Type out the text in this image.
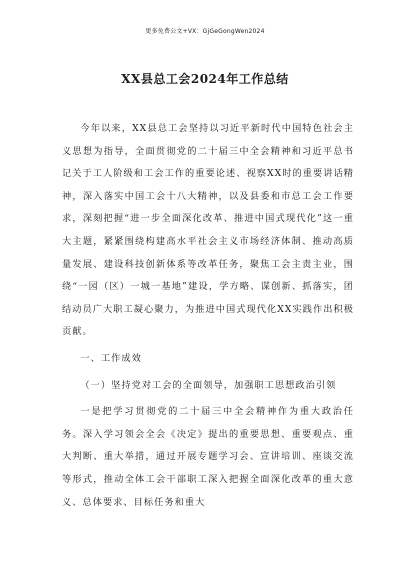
更多免费公文+VX：GjGeGongWen2024
XX县总工会2024年工作总结

今年以来，XX县总工会坚持以习近平新时代中国特色社会主义思想为指导，全面贯彻党的二十届三中全会精神和习近平总书记关于工人阶级和工会工作的重要论述、视察XX时的重要讲话精神，深入落实中国工会十八大精神，以及县委和市总工会工作要求，深刻把握“进一步全面深化改革、推进中国式现代化”这一重大主题，紧紧围绕构建高水平社会主义市场经济体制、推动高质量发展、建设科技创新体系等改革任务，聚焦工会主责主业，围绕“一园（区）一城一基地”建设，学方略、谋创新、抓落实，团结动员广大职工凝心聚力，为推进中国式现代化XX实践作出积极贡献。

一、工作成效

（一）坚持党对工会的全面领导，加强职工思想政治引领

一是把学习贯彻党的二十届三中全会精神作为重大政治任务。深入学习领会全会《决定》提出的重要思想、重要观点、重大判断、重大举措，通过开展专题学习会、宣讲培训、座谈交流等形式，推动全体工会干部职工深入把握全面深化改革的重大意义、总体要求、目标任务和重大
